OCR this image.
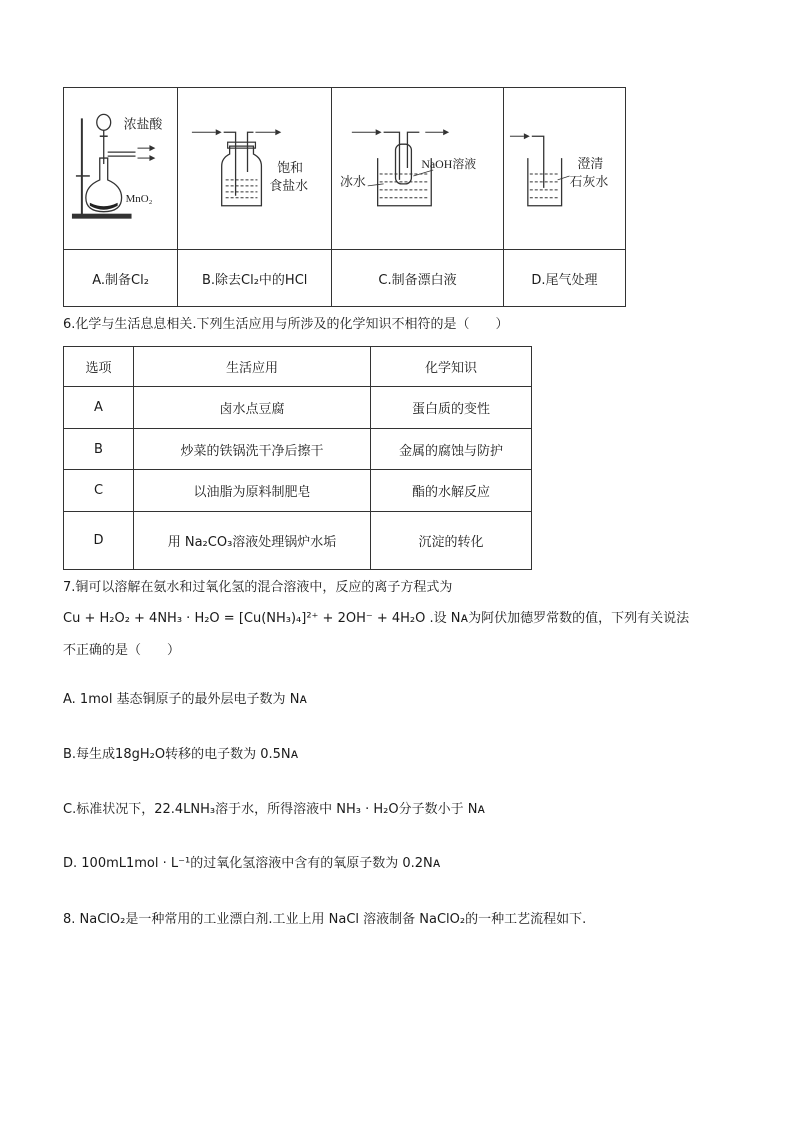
浓盐酸
MnO₂	饱和
食盐水	NaOH溶液
冰水	澄清
石灰水

A.制备Cl₂	B.除去Cl₂中的HCl	C.制备漂白液	D.尾气处理
6.化学与生活息息相关.下列生活应用与所涉及的化学知识不相符的是（　　）
选项	生活应用	化学知识
A	卤水点豆腐	蛋白质的变性
B	炒菜的铁锅洗干净后擦干	金属的腐蚀与防护
C	以油脂为原料制肥皂	酯的水解反应
D	用 Na₂CO₃溶液处理锅炉水垢	沉淀的转化
7.铜可以溶解在氨水和过氧化氢的混合溶液中，反应的离子方程式为
Cu + H₂O₂ + 4NH₃ · H₂O = [Cu(NH₃)₄]²⁺ + 2OH⁻ + 4H₂O .设 Nᴀ为阿伏加德罗常数的值，下列有关说法
不正确的是（　　）
A. 1mol 基态铜原子的最外层电子数为 Nᴀ
B.每生成18gH₂O转移的电子数为 0.5Nᴀ
C.标准状况下，22.4LNH₃溶于水，所得溶液中 NH₃ · H₂O分子数小于 Nᴀ
D. 100mL1mol · L⁻¹的过氧化氢溶液中含有的氧原子数为 0.2Nᴀ
8. NaClO₂是一种常用的工业漂白剂.工业上用 NaCl 溶液制备 NaClO₂的一种工艺流程如下.
